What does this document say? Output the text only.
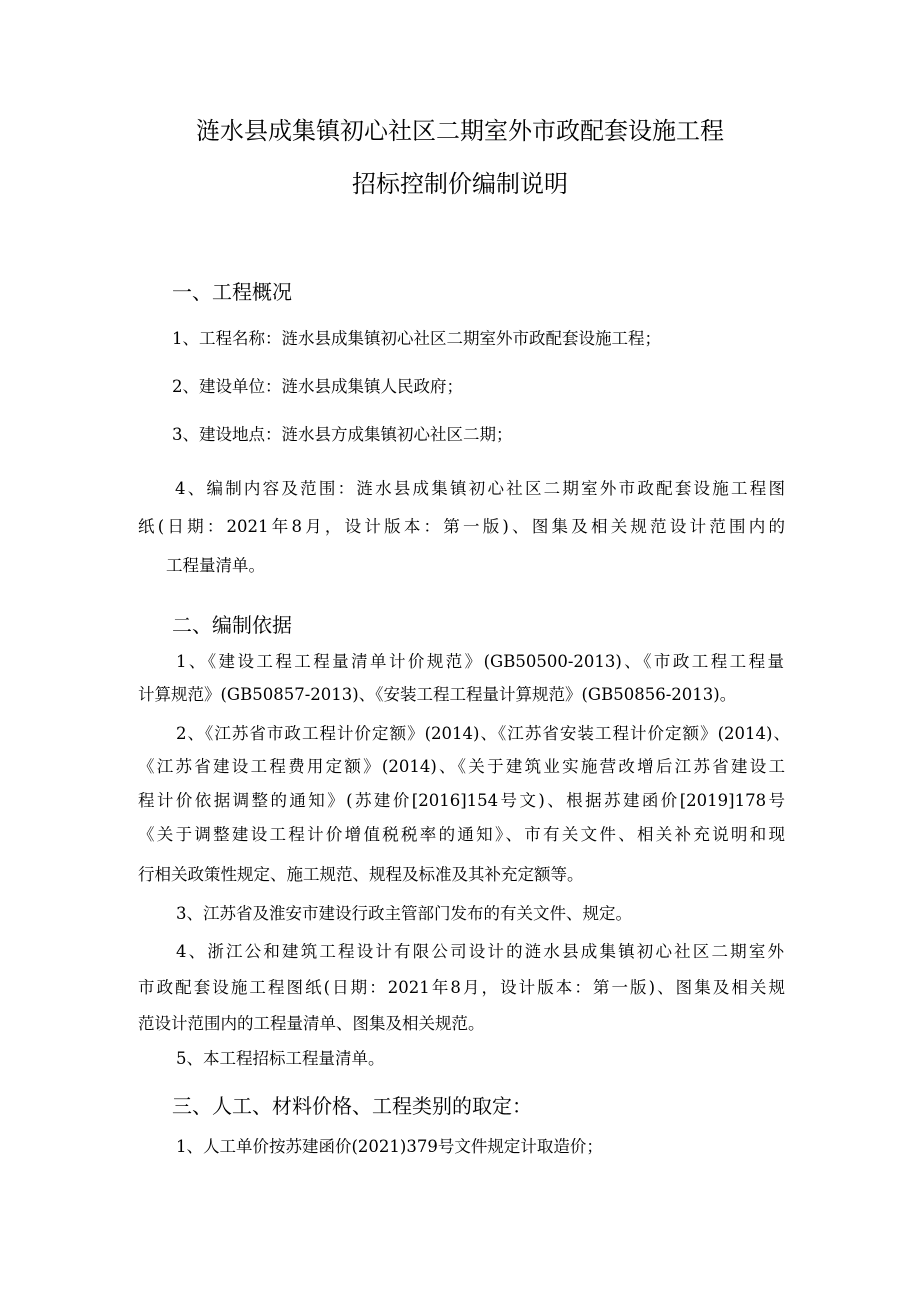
涟水县成集镇初心社区二期室外市政配套设施工程
招标控制价编制说明
一、工程概况
1、工程名称：涟水县成集镇初心社区二期室外市政配套设施工程；
2、建设单位：涟水县成集镇人民政府；
3、建设地点：涟水县方成集镇初心社区二期；
4、编制内容及范围：涟水县成集镇初心社区二期室外市政配套设施工程图
纸(日期：2021年8月，设计版本：第一版)、图集及相关规范设计范围内的
工程量清单。
二、编制依据
1、《建设工程工程量清单计价规范》(GB50500-2013)、《市政工程工程量
计算规范》(GB50857-2013)、《安装工程工程量计算规范》(GB50856-2013)。
2、《江苏省市政工程计价定额》(2014)、《江苏省安装工程计价定额》(2014)、
《江苏省建设工程费用定额》(2014)、《关于建筑业实施营改增后江苏省建设工
程计价依据调整的通知》(苏建价[2016]154号文)、根据苏建函价[2019]178号
《关于调整建设工程计价增值税税率的通知》、市有关文件、相关补充说明和现
行相关政策性规定、施工规范、规程及标准及其补充定额等。
3、江苏省及淮安市建设行政主管部门发布的有关文件、规定。
4、浙江公和建筑工程设计有限公司设计的涟水县成集镇初心社区二期室外
市政配套设施工程图纸(日期：2021年8月，设计版本：第一版)、图集及相关规
范设计范围内的工程量清单、图集及相关规范。
5、本工程招标工程量清单。
三、人工、材料价格、工程类别的取定：
1、人工单价按苏建函价(2021)379号文件规定计取造价；
